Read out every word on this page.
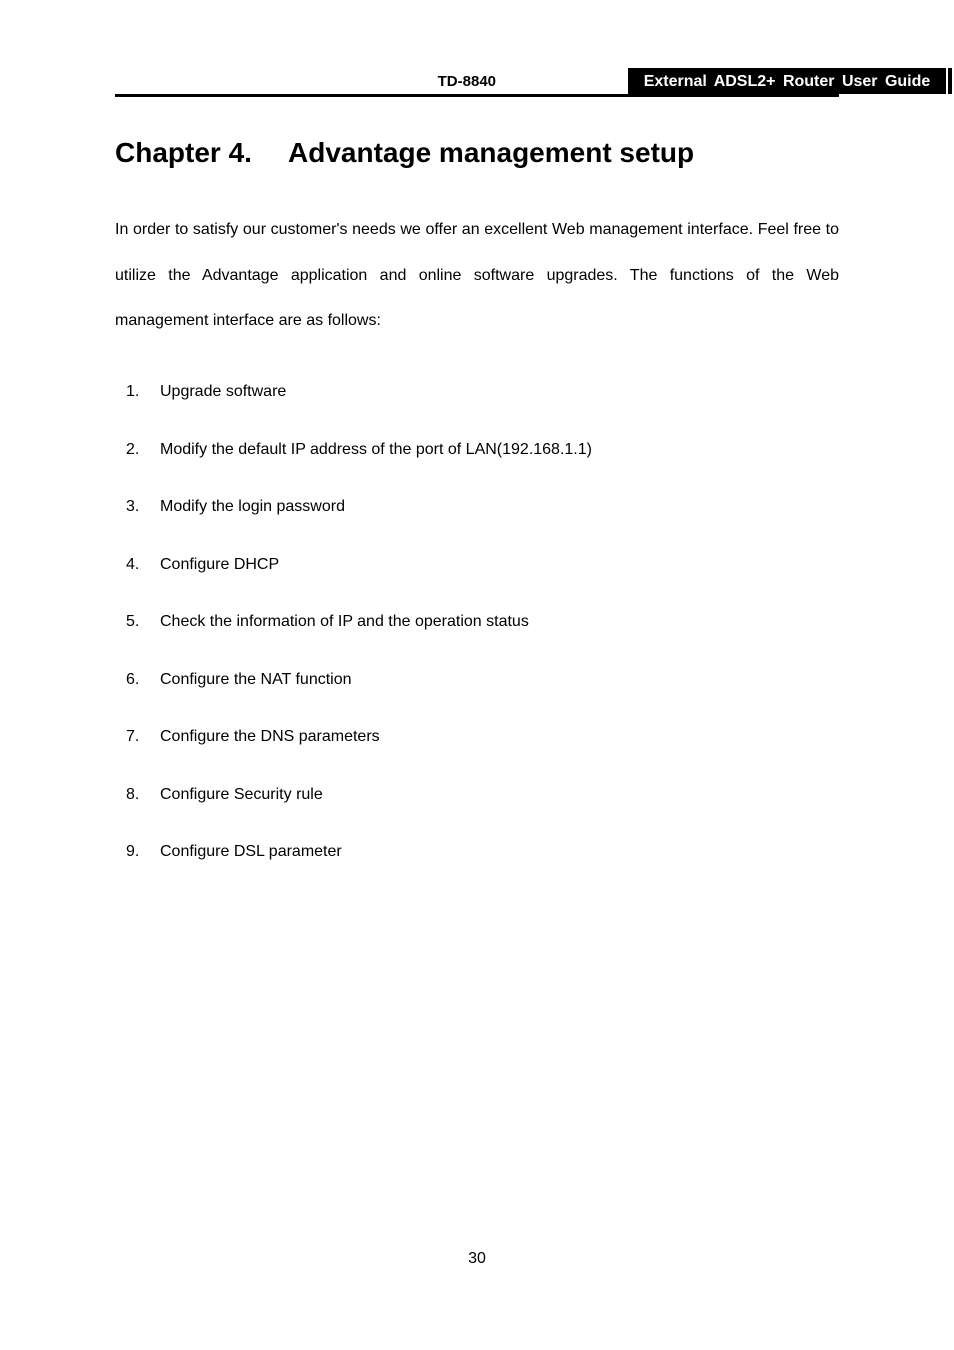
TD-8840	External ADSL2+ Router User Guide
Chapter 4. Advantage management setup

In order to satisfy our customer's needs we offer an excellent Web management interface. Feel free to utilize the Advantage application and online software upgrades. The functions of the Web management interface are as follows:

1. Upgrade software
2. Modify the default IP address of the port of LAN(192.168.1.1)
3. Modify the login password
4. Configure DHCP
5. Check the information of IP and the operation status
6. Configure the NAT function
7. Configure the DNS parameters
8. Configure Security rule
9. Configure DSL parameter
30
